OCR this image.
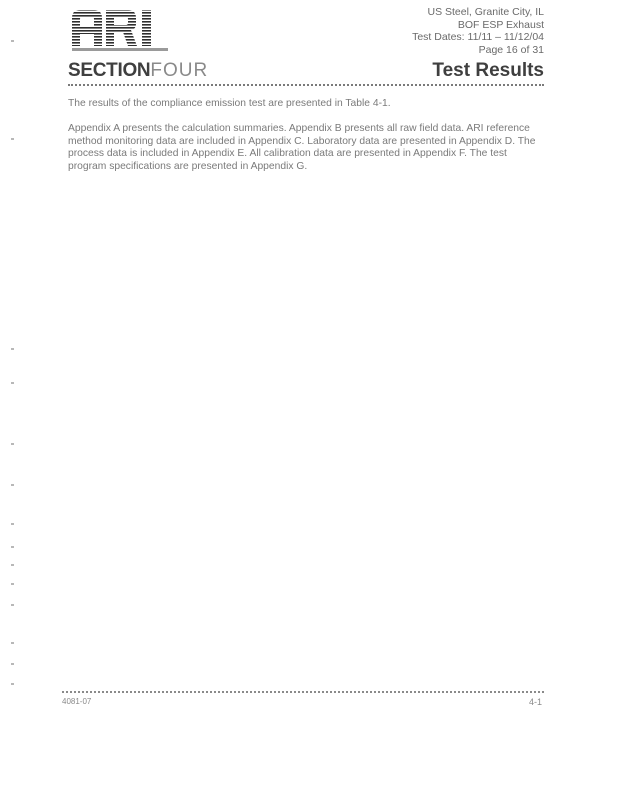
US Steel, Granite City, IL
BOF ESP Exhaust
Test Dates: 11/11 – 11/12/04
Page 16 of 31
SECTIONFOUR	Test Results

The results of the compliance emission test are presented in Table 4-1.

Appendix A presents the calculation summaries. Appendix B presents all raw field data. ARI reference method monitoring data are included in Appendix C. Laboratory data are presented in Appendix D. The process data is included in Appendix E. All calibration data are presented in Appendix F. The test program specifications are presented in Appendix G.

4081-07	4-1
